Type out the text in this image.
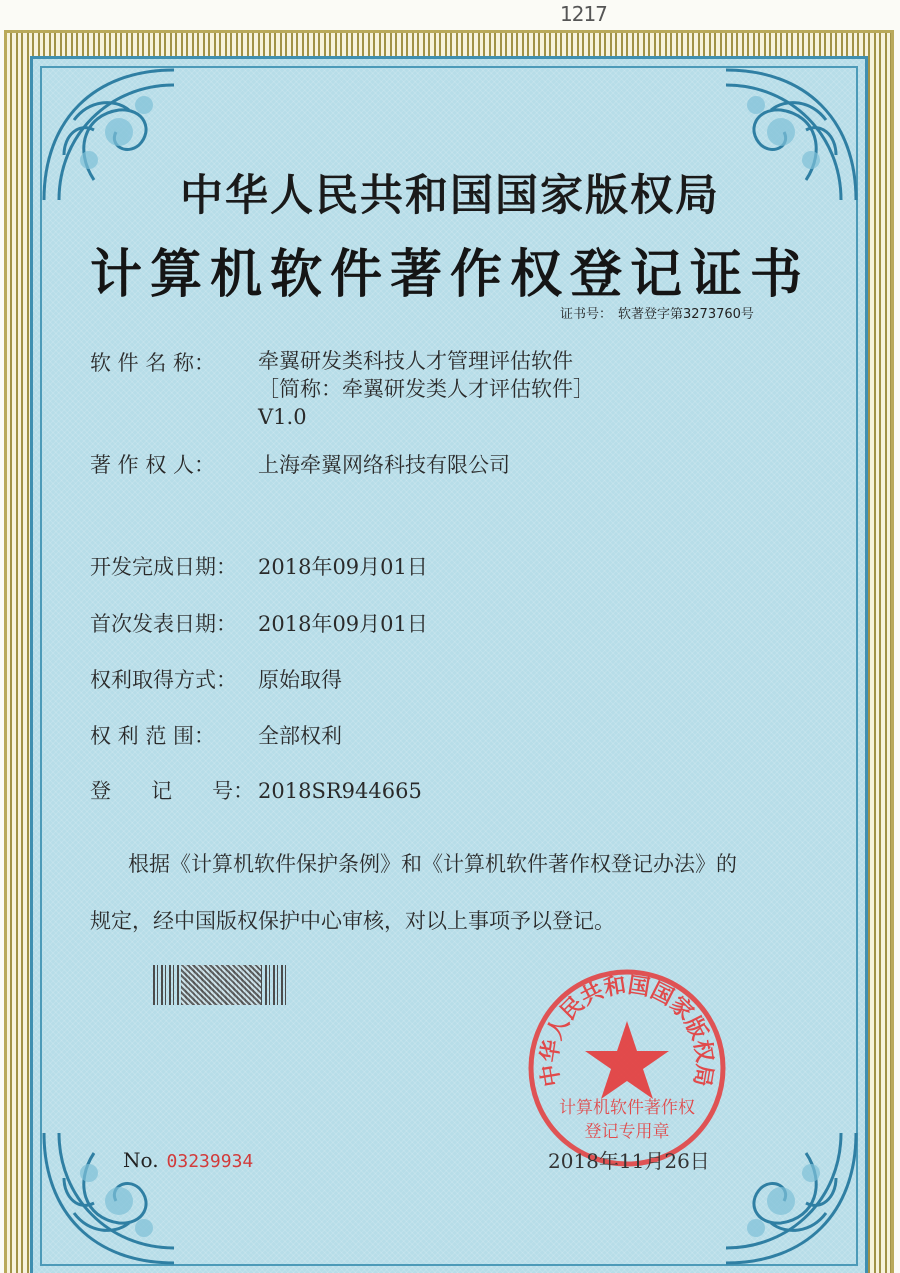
1217
中华人民共和国国家版权局
计算机软件著作权登记证书
证书号： 软著登字第3273760号
软 件 名 称：	牵翼研发类科技人才管理评估软件
［简称：牵翼研发类人才评估软件］
V1.0
著 作 权 人： 上海牵翼网络科技有限公司
开发完成日期： 2018年09月01日
首次发表日期： 2018年09月01日
权利取得方式： 原始取得
权 利 范 围： 全部权利
登      记      号： 2018SR944665
根据《计算机软件保护条例》和《计算机软件著作权登记办法》的
规定，经中国版权保护中心审核，对以上事项予以登记。
中华人民共和国国家版权局
计算机软件著作权
登记专用章
No. 03239934	2018年11月26日
